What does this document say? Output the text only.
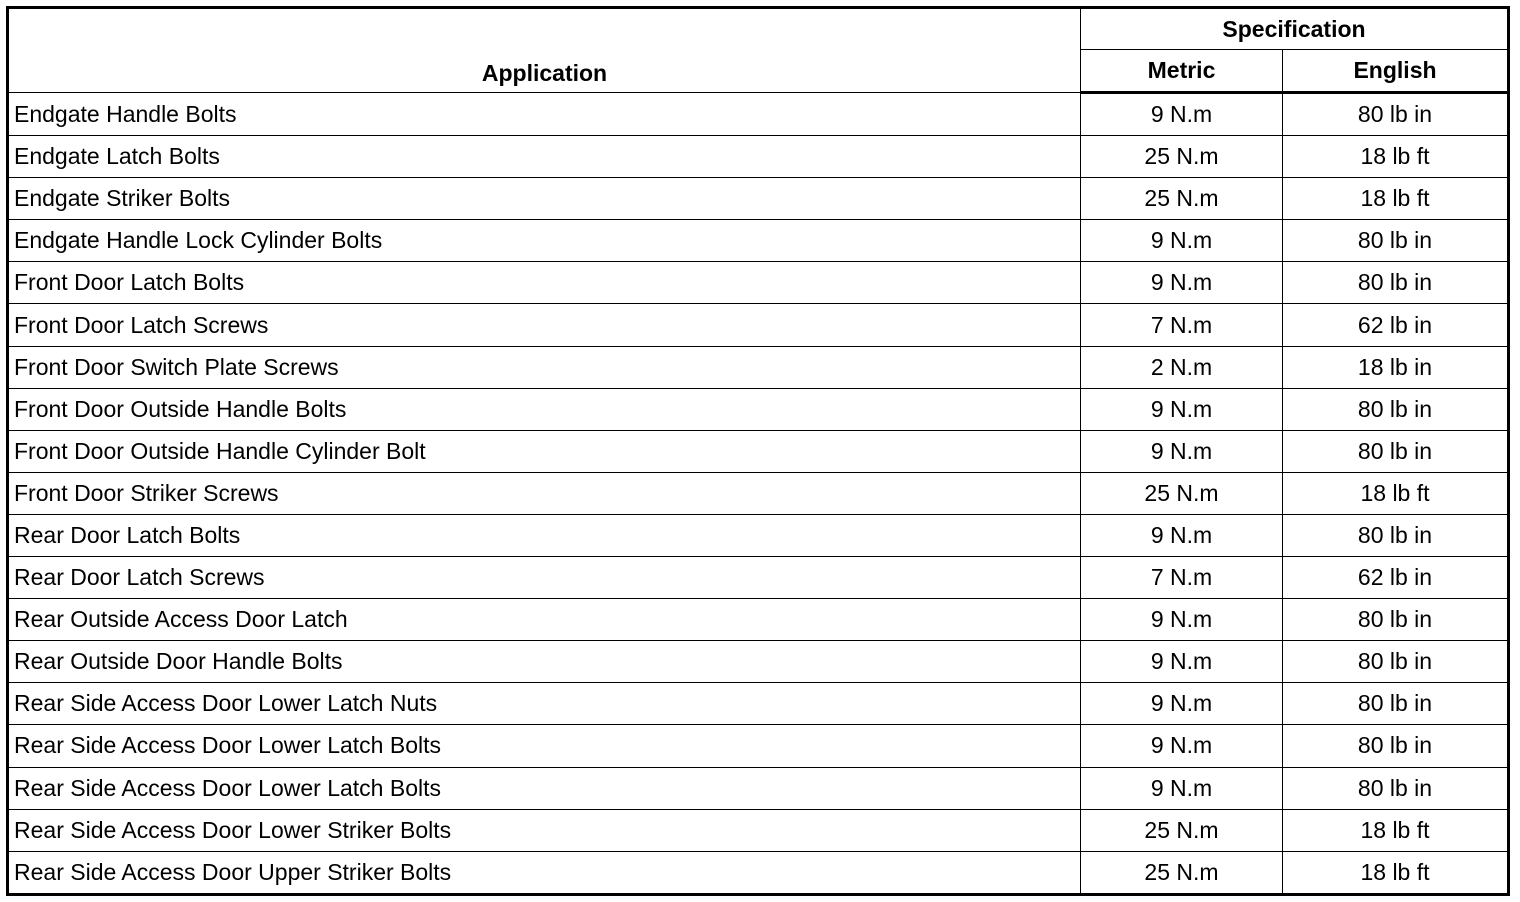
Application	Specification	
	Metric	English
Endgate Handle Bolts	9 N.m	80 lb in
Endgate Latch Bolts	25 N.m	18 lb ft
Endgate Striker Bolts	25 N.m	18 lb ft
Endgate Handle Lock Cylinder Bolts	9 N.m	80 lb in
Front Door Latch Bolts	9 N.m	80 lb in
Front Door Latch Screws	7 N.m	62 lb in
Front Door Switch Plate Screws	2 N.m	18 lb in
Front Door Outside Handle Bolts	9 N.m	80 lb in
Front Door Outside Handle Cylinder Bolt	9 N.m	80 lb in
Front Door Striker Screws	25 N.m	18 lb ft
Rear Door Latch Bolts	9 N.m	80 lb in
Rear Door Latch Screws	7 N.m	62 lb in
Rear Outside Access Door Latch	9 N.m	80 lb in
Rear Outside Door Handle Bolts	9 N.m	80 lb in
Rear Side Access Door Lower Latch Nuts	9 N.m	80 lb in
Rear Side Access Door Lower Latch Bolts	9 N.m	80 lb in
Rear Side Access Door Lower Latch Bolts	9 N.m	80 lb in
Rear Side Access Door Lower Striker Bolts	25 N.m	18 lb ft
Rear Side Access Door Upper Striker Bolts	25 N.m	18 lb ft
